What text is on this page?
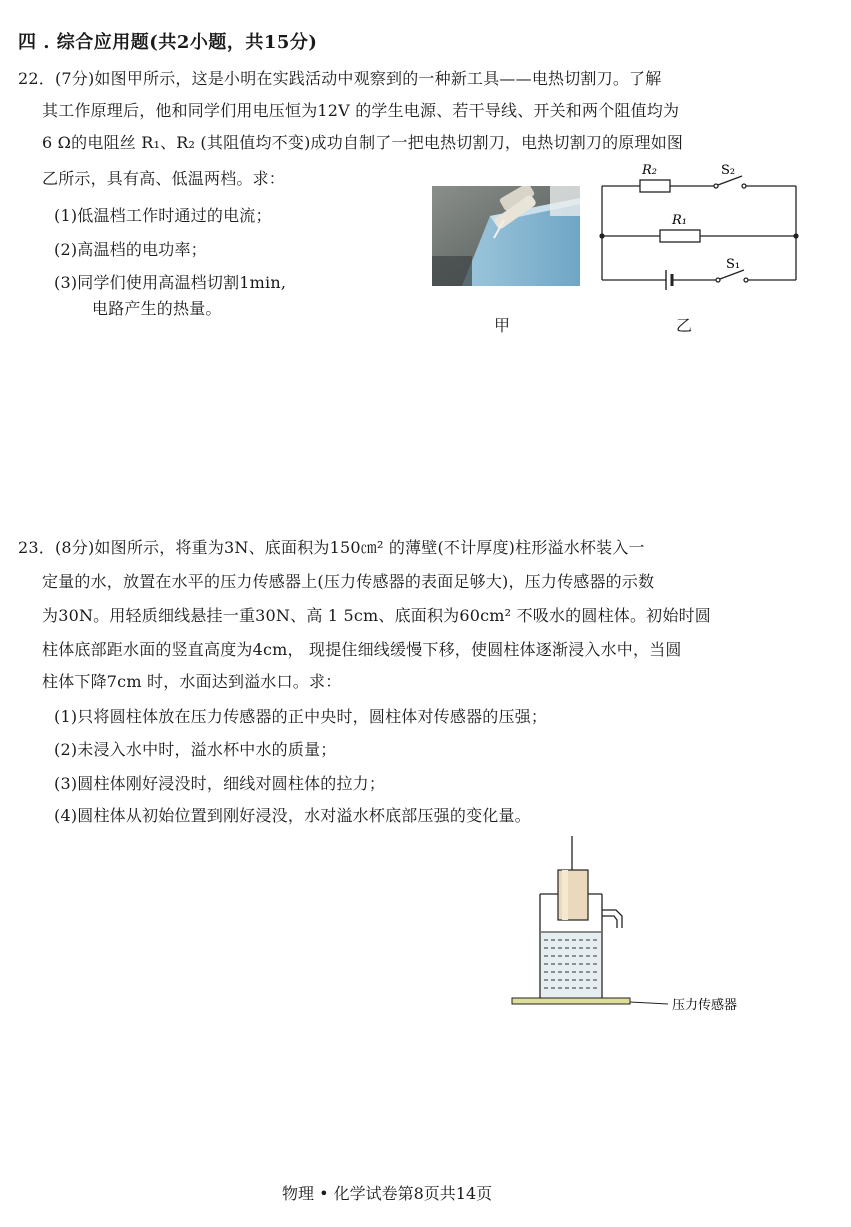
四 . 综合应用题(共2小题，共15分)
22．(7分)如图甲所示，这是小明在实践活动中观察到的一种新工具——电热切割刀。了解
其工作原理后，他和同学们用电压恒为12V 的学生电源、若干导线、开关和两个阻值均为
6 Ω的电阻丝 R₁、R₂ (其阻值均不变)成功自制了一把电热切割刀，电热切割刀的原理如图
乙所示，具有高、低温两档。求：
(1)低温档工作时通过的电流；
(2)高温档的电功率；
(3)同学们使用高温档切割1min,
电路产生的热量。
R₂	S₂
R₁
S₁
甲	乙
23．(8分)如图所示，将重为3N、底面积为150㎝² 的薄壁(不计厚度)柱形溢水杯装入一
定量的水，放置在水平的压力传感器上(压力传感器的表面足够大)，压力传感器的示数
为30N。用轻质细线悬挂一重30N、高 1 5cm、底面积为60cm² 不吸水的圆柱体。初始时圆
柱体底部距水面的竖直高度为4cm， 现提住细线缓慢下移，使圆柱体逐渐浸入水中，当圆
柱体下降7cm 时，水面达到溢水口。求：
(1)只将圆柱体放在压力传感器的正中央时，圆柱体对传感器的压强；
(2)未浸入水中时，溢水杯中水的质量；
(3)圆柱体刚好浸没时，细线对圆柱体的拉力；
(4)圆柱体从初始位置到刚好浸没，水对溢水杯底部压强的变化量。
压力传感器
物理 • 化学试卷第8页共14页
